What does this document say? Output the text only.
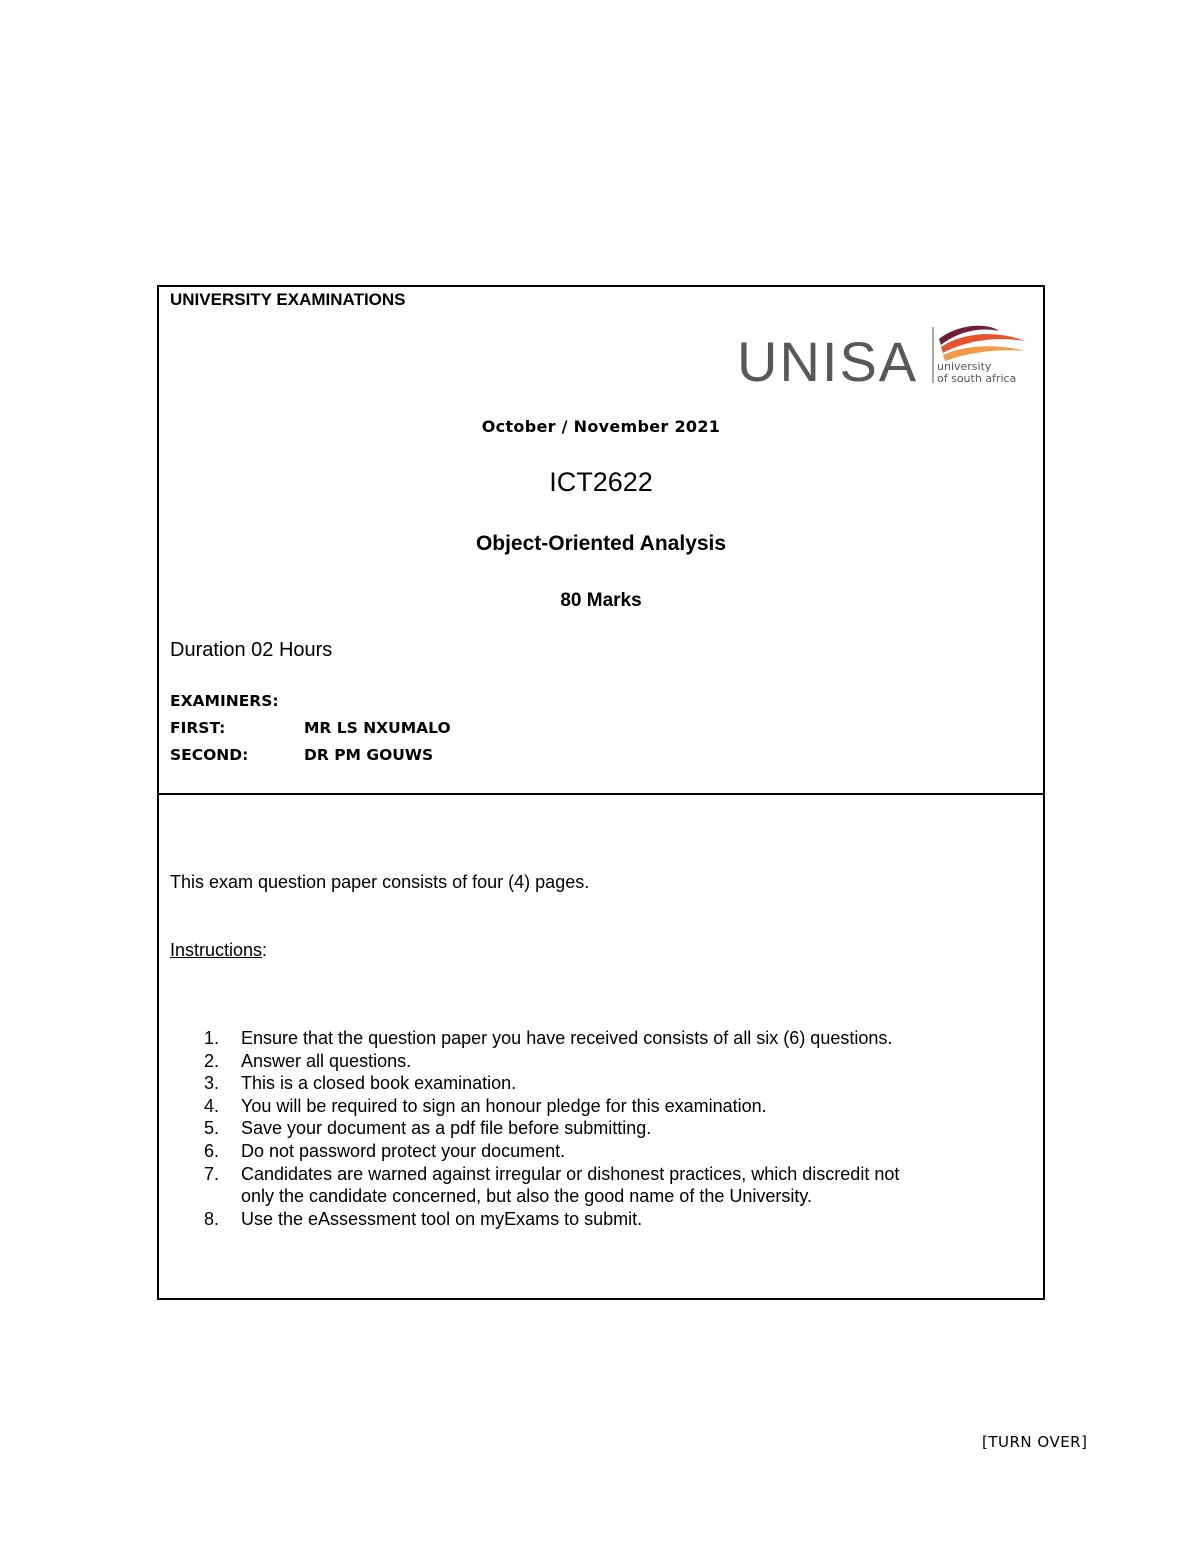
UNIVERSITY EXAMINATIONS
UNISA university
of south africa
October / November 2021
ICT2622
Object-Oriented Analysis
80 Marks
Duration 02 Hours
EXAMINERS:
FIRST:	MR LS NXUMALO
SECOND:	DR PM GOUWS
This exam question paper consists of four (4) pages.
Instructions:
1.	Ensure that the question paper you have received consists of all six (6) questions.
2.	Answer all questions.
3.	This is a closed book examination.
4.	You will be required to sign an honour pledge for this examination.
5.	Save your document as a pdf file before submitting.
6.	Do not password protect your document.
7.	Candidates are warned against irregular or dishonest practices, which discredit not
only the candidate concerned, but also the good name of the University.
8.	Use the eAssessment tool on myExams to submit.
[TURN OVER]
